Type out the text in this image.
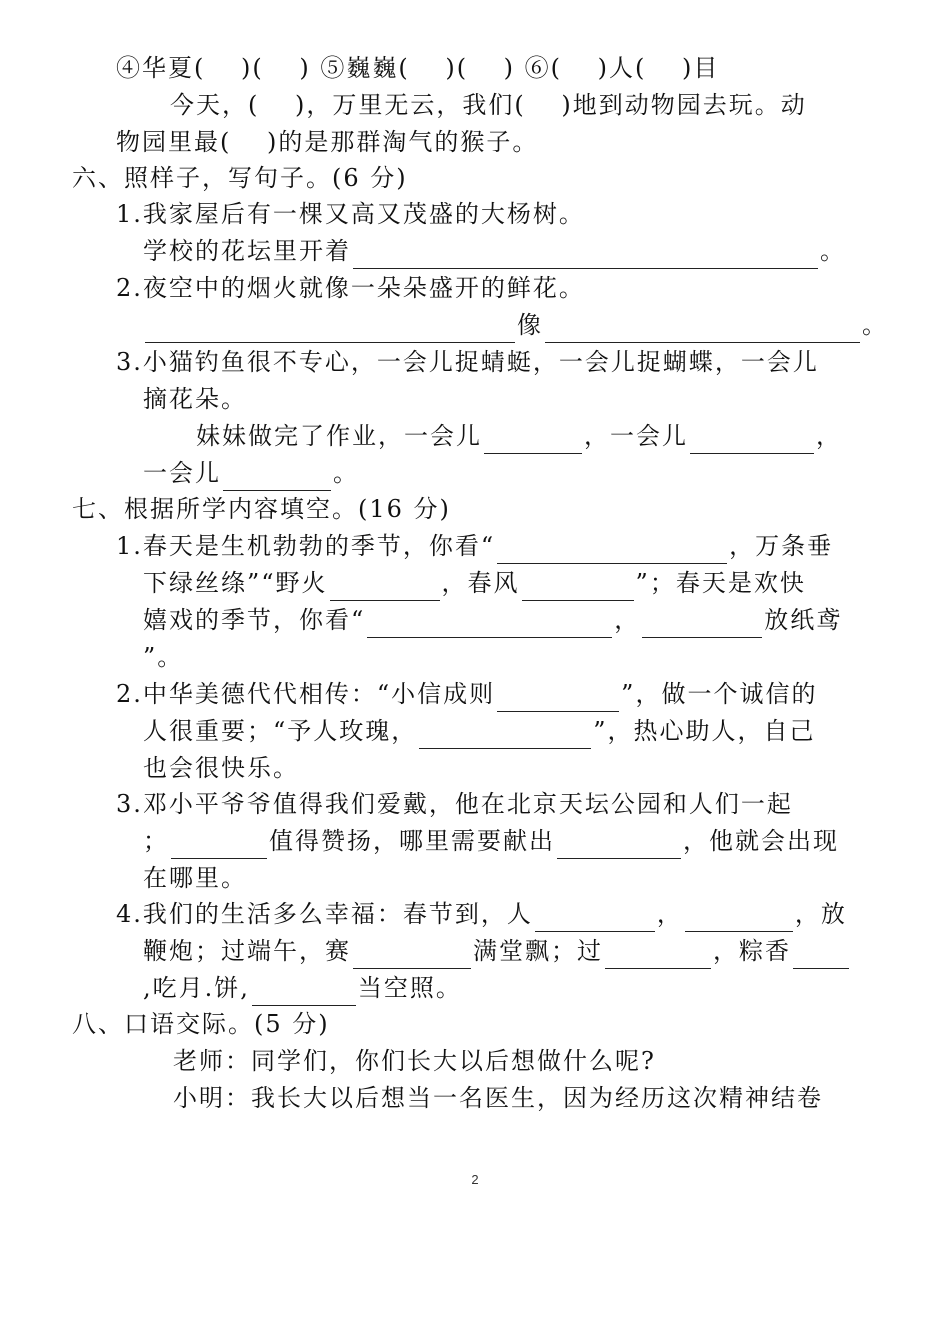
④华夏(　 )(　 ) ⑤巍巍(　 )(　 ) ⑥(　 )人(　 )目
今天，(　 )，万里无云，我们(　 )地到动物园去玩。动
物园里最(　 )的是那群淘气的猴子。
六、照样子，写句子。(6 分)
1.我家屋后有一棵又高又茂盛的大杨树。
学校的花坛里开着	。
2.夜空中的烟火就像一朵朵盛开的鲜花。
像	。
3.小猫钓鱼很不专心，一会儿捉蜻蜓，一会儿捉蝴蝶，一会儿
摘花朵。
妹妹做完了作业，一会儿	，一会儿	，
一会儿	。
七、根据所学内容填空。(16 分)
1.春天是生机勃勃的季节，你看“	，万条垂
下绿丝绦”“野火	，春风	”；春天是欢快
嬉戏的季节，你看“	，	放纸鸢
”。
2.中华美德代代相传：“小信成则	”，做一个诚信的
人很重要；“予人玫瑰，	”，热心助人，自己
也会很快乐。
3.邓小平爷爷值得我们爱戴，他在北京天坛公园和人们一起
；	值得赞扬，哪里需要献出	，他就会出现
在哪里。
4.我们的生活多么幸福：春节到，人	，	，放
鞭炮；过端午，赛	满堂飘；过	，粽香
,吃月.饼,	当空照。
八、口语交际。(5 分)
老师：同学们，你们长大以后想做什么呢?
小明：我长大以后想当一名医生，因为经历这次精神结卷
2
